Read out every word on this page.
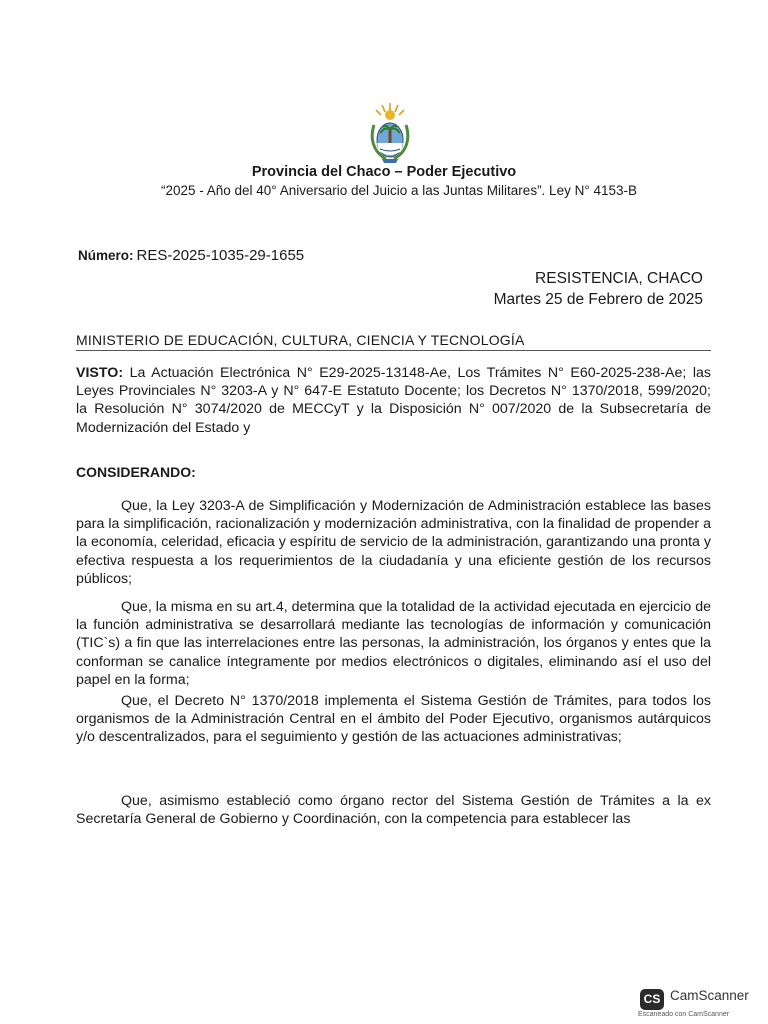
Provincia del Chaco – Poder Ejecutivo
“2025 - Año del 40° Aniversario del Juicio a las Juntas Militares”. Ley N° 4153-B
Número: RES-2025-1035-29-1655
RESISTENCIA, CHACO
Martes 25 de Febrero de 2025
MINISTERIO DE EDUCACIÓN, CULTURA, CIENCIA Y TECNOLOGÍA
VISTO: La Actuación Electrónica N° E29-2025-13148-Ae, Los Trámites N° E60-2025-238-Ae; las Leyes Provinciales N° 3203-A y N° 647-E Estatuto Docente; los Decretos N° 1370/2018, 599/2020; la Resolución N° 3074/2020 de MECCyT y la Disposición N° 007/2020 de la Subsecretaría de Modernización del Estado y
CONSIDERANDO:
Que, la Ley 3203-A de Simplificación y Modernización de Administración establece las bases para la simplificación, racionalización y modernización administrativa, con la finalidad de propender a la economía, celeridad, eficacia y espíritu de servicio de la administración, garantizando una pronta y efectiva respuesta a los requerimientos de la ciudadanía y una eficiente gestión de los recursos públicos;
Que, la misma en su art.4, determina que la totalidad de la actividad ejecutada en ejercicio de la función administrativa se desarrollará mediante las tecnologías de información y comunicación (TIC`s) a fin que las interrelaciones entre las personas, la administración, los órganos y entes que la conforman se canalice íntegramente por medios electrónicos o digitales, eliminando así el uso del papel en la forma;
Que, el Decreto N° 1370/2018 implementa el Sistema Gestión de Trámites, para todos los organismos de la Administración Central en el ámbito del Poder Ejecutivo, organismos autárquicos y/o descentralizados, para el seguimiento y gestión de las actuaciones administrativas;
Que, asimismo estableció como órgano rector del Sistema Gestión de Trámites a la ex Secretaría General de Gobierno y Coordinación, con la competencia para establecer las
CS CamScanner
Escaneado con CamScanner
